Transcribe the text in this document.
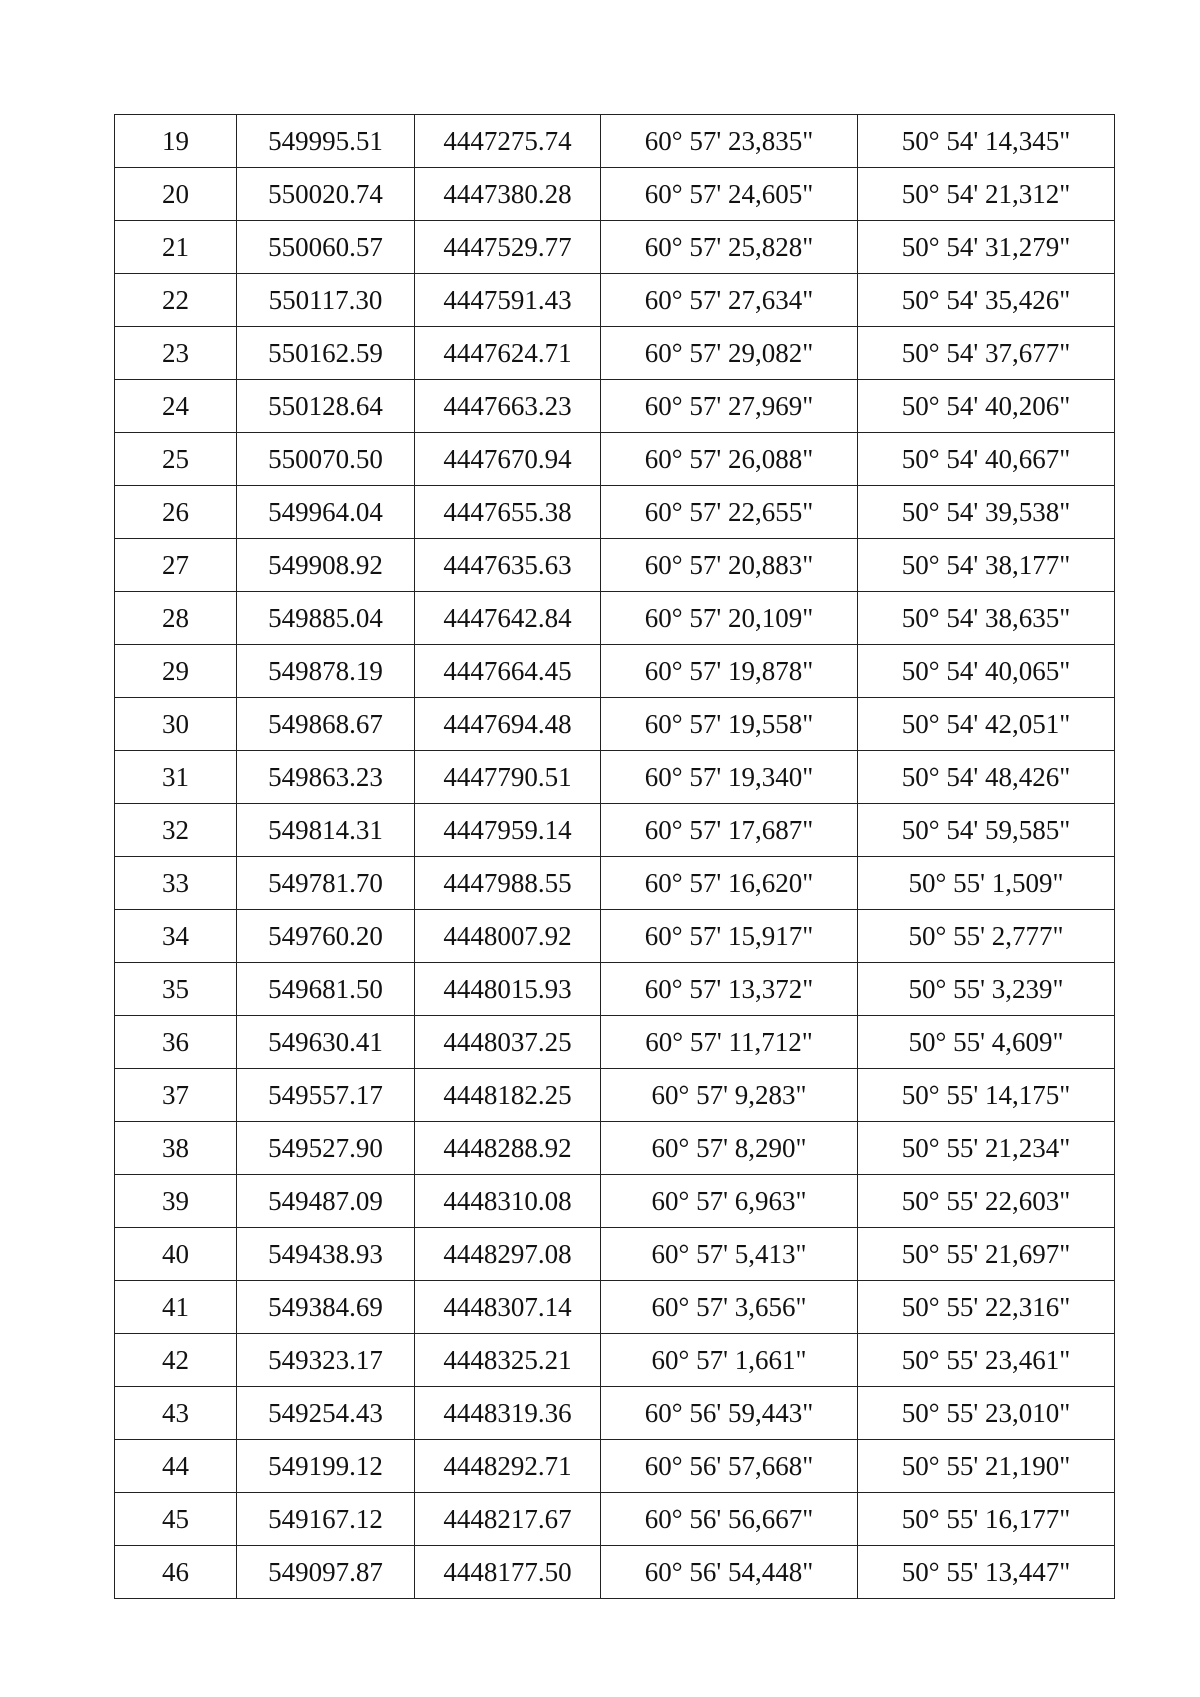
19	549995.51	4447275.74	60° 57' 23,835"	50° 54' 14,345"
20	550020.74	4447380.28	60° 57' 24,605"	50° 54' 21,312"
21	550060.57	4447529.77	60° 57' 25,828"	50° 54' 31,279"
22	550117.30	4447591.43	60° 57' 27,634"	50° 54' 35,426"
23	550162.59	4447624.71	60° 57' 29,082"	50° 54' 37,677"
24	550128.64	4447663.23	60° 57' 27,969"	50° 54' 40,206"
25	550070.50	4447670.94	60° 57' 26,088"	50° 54' 40,667"
26	549964.04	4447655.38	60° 57' 22,655"	50° 54' 39,538"
27	549908.92	4447635.63	60° 57' 20,883"	50° 54' 38,177"
28	549885.04	4447642.84	60° 57' 20,109"	50° 54' 38,635"
29	549878.19	4447664.45	60° 57' 19,878"	50° 54' 40,065"
30	549868.67	4447694.48	60° 57' 19,558"	50° 54' 42,051"
31	549863.23	4447790.51	60° 57' 19,340"	50° 54' 48,426"
32	549814.31	4447959.14	60° 57' 17,687"	50° 54' 59,585"
33	549781.70	4447988.55	60° 57' 16,620"	50° 55' 1,509"
34	549760.20	4448007.92	60° 57' 15,917"	50° 55' 2,777"
35	549681.50	4448015.93	60° 57' 13,372"	50° 55' 3,239"
36	549630.41	4448037.25	60° 57' 11,712"	50° 55' 4,609"
37	549557.17	4448182.25	60° 57' 9,283"	50° 55' 14,175"
38	549527.90	4448288.92	60° 57' 8,290"	50° 55' 21,234"
39	549487.09	4448310.08	60° 57' 6,963"	50° 55' 22,603"
40	549438.93	4448297.08	60° 57' 5,413"	50° 55' 21,697"
41	549384.69	4448307.14	60° 57' 3,656"	50° 55' 22,316"
42	549323.17	4448325.21	60° 57' 1,661"	50° 55' 23,461"
43	549254.43	4448319.36	60° 56' 59,443"	50° 55' 23,010"
44	549199.12	4448292.71	60° 56' 57,668"	50° 55' 21,190"
45	549167.12	4448217.67	60° 56' 56,667"	50° 55' 16,177"
46	549097.87	4448177.50	60° 56' 54,448"	50° 55' 13,447"
